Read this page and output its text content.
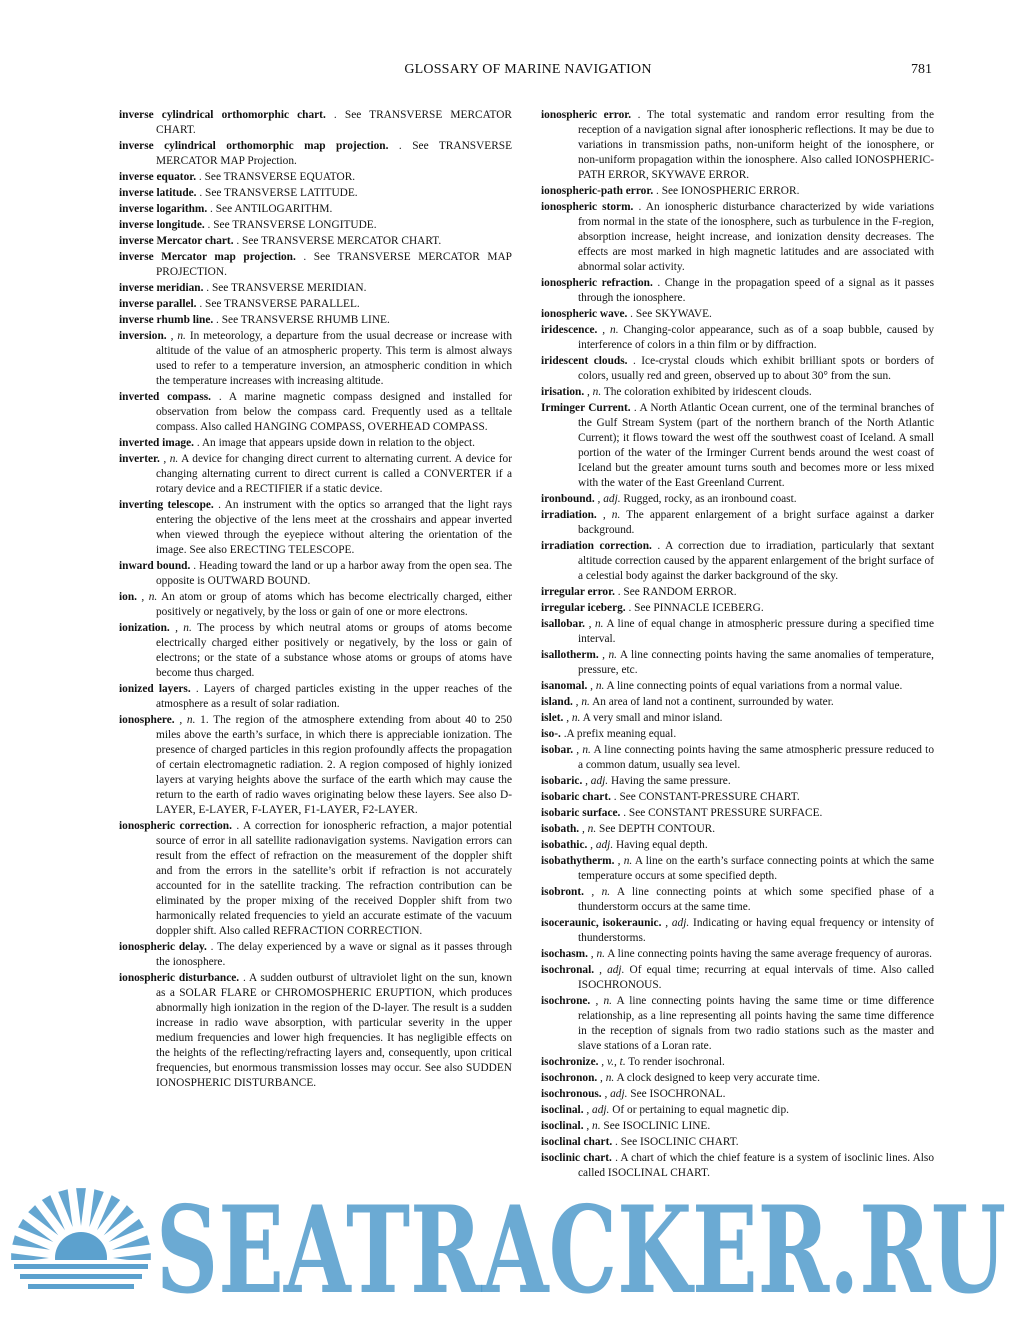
GLOSSARY OF MARINE NAVIGATION	781

inverse cylindrical orthomorphic chart. . See TRANSVERSE MERCATOR CHART.

inverse cylindrical orthomorphic map projection. . See TRANSVERSE MERCATOR MAP Projection.

inverse equator. . See TRANSVERSE EQUATOR.

inverse latitude. . See TRANSVERSE LATITUDE.

inverse logarithm. . See ANTILOGARITHM.

inverse longitude. . See TRANSVERSE LONGITUDE.

inverse Mercator chart. . See TRANSVERSE MERCATOR CHART.

inverse Mercator map projection. . See TRANSVERSE MERCATOR MAP PROJECTION.

inverse meridian. . See TRANSVERSE MERIDIAN.

inverse parallel. . See TRANSVERSE PARALLEL.

inverse rhumb line. . See TRANSVERSE RHUMB LINE.

inversion. , n. In meteorology, a departure from the usual decrease or increase with altitude of the value of an atmospheric property. This term is almost always used to refer to a temperature inversion, an atmospheric condition in which the temperature increases with increasing altitude.

inverted compass. . A marine magnetic compass designed and installed for observation from below the compass card. Frequently used as a telltale compass. Also called HANGING COMPASS, OVERHEAD COMPASS.

inverted image. . An image that appears upside down in relation to the object.

inverter. , n. A device for changing direct current to alternating current. A device for changing alternating current to direct current is called a CONVERTER if a rotary device and a RECTIFIER if a static device.

inverting telescope. . An instrument with the optics so arranged that the light rays entering the objective of the lens meet at the crosshairs and appear inverted when viewed through the eyepiece without altering the orientation of the image. See also ERECTING TELESCOPE.

inward bound. . Heading toward the land or up a harbor away from the open sea. The opposite is OUTWARD BOUND.

ion. , n. An atom or group of atoms which has become electrically charged, either positively or negatively, by the loss or gain of one or more electrons.

ionization. , n. The process by which neutral atoms or groups of atoms become electrically charged either positively or negatively, by the loss or gain of electrons; or the state of a substance whose atoms or groups of atoms have become thus charged.

ionized layers. . Layers of charged particles existing in the upper reaches of the atmosphere as a result of solar radiation.

ionosphere. , n. 1. The region of the atmosphere extending from about 40 to 250 miles above the earth’s surface, in which there is appreciable ionization. The presence of charged particles in this region profoundly affects the propagation of certain electromagnetic radiation. 2. A region composed of highly ionized layers at varying heights above the surface of the earth which may cause the return to the earth of radio waves originating below these layers. See also D-LAYER, E-LAYER, F-LAYER, F1-LAYER, F2-LAYER.

ionospheric correction. . A correction for ionospheric refraction, a major potential source of error in all satellite radionavigation systems. Navigation errors can result from the effect of refraction on the measurement of the doppler shift and from the errors in the satellite’s orbit if refraction is not accurately accounted for in the satellite tracking. The refraction contribution can be eliminated by the proper mixing of the received Doppler shift from two harmonically related frequencies to yield an accurate estimate of the vacuum doppler shift. Also called REFRACTION CORRECTION.

ionospheric delay. . The delay experienced by a wave or signal as it passes through the ionosphere.

ionospheric disturbance. . A sudden outburst of ultraviolet light on the sun, known as a SOLAR FLARE or CHROMOSPHERIC ERUPTION, which produces abnormally high ionization in the region of the D-layer. The result is a sudden increase in radio wave absorption, with particular severity in the upper medium frequencies and lower high frequencies. It has negligible effects on the heights of the reflecting/refracting layers and, consequently, upon critical frequencies, but enormous transmission losses may occur. See also SUDDEN IONOSPHERIC DISTURBANCE.

ionospheric error. . The total systematic and random error resulting from the reception of a navigation signal after ionospheric reflections. It may be due to variations in transmission paths, non-uniform height of the ionosphere, or non-uniform propagation within the ionosphere. Also called IONOSPHERIC-PATH ERROR, SKYWAVE ERROR.

ionospheric-path error. . See IONOSPHERIC ERROR.

ionospheric storm. . An ionospheric disturbance characterized by wide variations from normal in the state of the ionosphere, such as turbulence in the F-region, absorption increase, height increase, and ionization density decreases. The effects are most marked in high magnetic latitudes and are associated with abnormal solar activity.

ionospheric refraction. . Change in the propagation speed of a signal as it passes through the ionosphere.

ionospheric wave. . See SKYWAVE.

iridescence. , n. Changing-color appearance, such as of a soap bubble, caused by interference of colors in a thin film or by diffraction.

iridescent clouds. . Ice-crystal clouds which exhibit brilliant spots or borders of colors, usually red and green, observed up to about 30° from the sun.

irisation. , n. The coloration exhibited by iridescent clouds.

Irminger Current. . A North Atlantic Ocean current, one of the terminal branches of the Gulf Stream System (part of the northern branch of the North Atlantic Current); it flows toward the west off the southwest coast of Iceland. A small portion of the water of the Irminger Current bends around the west coast of Iceland but the greater amount turns south and becomes more or less mixed with the water of the East Greenland Current.

ironbound. , adj. Rugged, rocky, as an ironbound coast.

irradiation. , n. The apparent enlargement of a bright surface against a darker background.

irradiation correction. . A correction due to irradiation, particularly that sextant altitude correction caused by the apparent enlargement of the bright surface of a celestial body against the darker background of the sky.

irregular error. . See RANDOM ERROR.

irregular iceberg. . See PINNACLE ICEBERG.

isallobar. , n. A line of equal change in atmospheric pressure during a specified time interval.

isallotherm. , n. A line connecting points having the same anomalies of temperature, pressure, etc.

isanomal. , n. A line connecting points of equal variations from a normal value.

island. , n. An area of land not a continent, surrounded by water.

islet. , n. A very small and minor island.

iso-. .A prefix meaning equal.

isobar. , n. A line connecting points having the same atmospheric pressure reduced to a common datum, usually sea level.

isobaric. , adj. Having the same pressure.

isobaric chart. . See CONSTANT-PRESSURE CHART.

isobaric surface. . See CONSTANT PRESSURE SURFACE.

isobath. , n. See DEPTH CONTOUR.

isobathic. , adj. Having equal depth.

isobathytherm. , n. A line on the earth’s surface connecting points at which the same temperature occurs at some specified depth.

isobront. , n. A line connecting points at which some specified phase of a thunderstorm occurs at the same time.

isoceraunic, isokeraunic. , adj. Indicating or having equal frequency or intensity of thunderstorms.

isochasm. , n. A line connecting points having the same average frequency of auroras.

isochronal. , adj. Of equal time; recurring at equal intervals of time. Also called ISOCHRONOUS.

isochrone. , n. A line connecting points having the same time or time difference relationship, as a line representing all points having the same time difference in the reception of signals from two radio stations such as the master and slave stations of a Loran rate.

isochronize. , v., t. To render isochronal.

isochronon. , n. A clock designed to keep very accurate time.

isochronous. , adj. See ISOCHRONAL.

isoclinal. , adj. Of or pertaining to equal magnetic dip.

isoclinal. , n. See ISOCLINIC LINE.

isoclinal chart. . See ISOCLINIC CHART.

isoclinic chart. . A chart of which the chief feature is a system of isoclinic lines. Also called ISOCLINAL CHART.

SEATRACKER.RU
